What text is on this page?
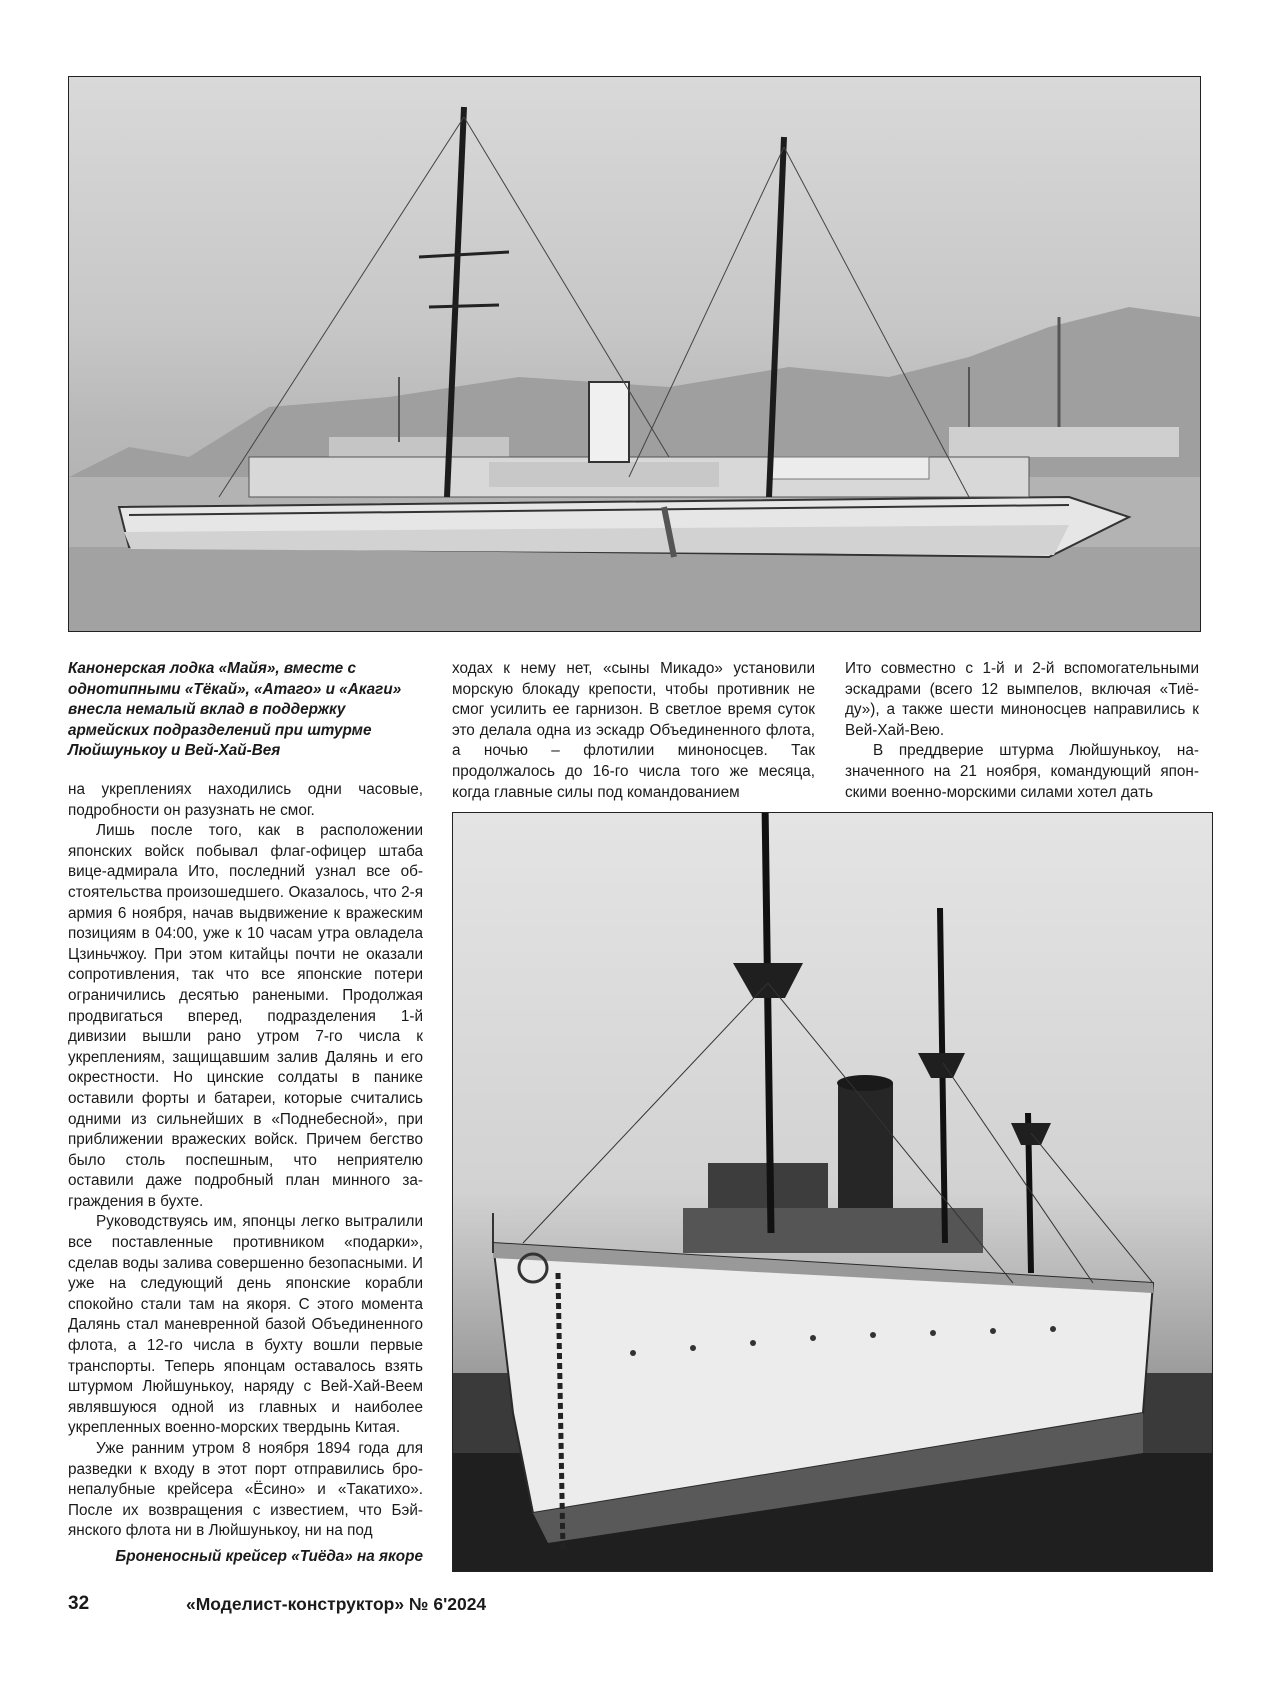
Канонерская лодка «Майя», вместе с однотипными «Тёкай», «Атаго» и «Акаги» внесла немалый вклад в поддержку армейских подразделений при штурме Люйшунькоу и Вей-Хай-Вея

на укреплениях находились одни часовые, подробности он разузнать не смог.

Лишь после того, как в расположении японских войск побывал флаг-офицер штаба вице-адмирала Ито, последний узнал все обстоятельства произошедшего. Оказалось, что 2-я армия 6 ноября, начав выдвижение к вражеским позициям в 04:00, уже к 10 часам утра овладела Цзиньчжоу. При этом китайцы почти не оказали сопротивления, так что все японские потери ограничились десятью ранеными. Продолжая продвигаться вперед, подразделения 1-й дивизии вышли рано утром 7-го числа к укреплениям, защищавшим залив Далянь и его окрестности. Но цинские солдаты в панике оставили форты и батареи, которые считались одними из сильнейших в «Поднебесной», при приближении вражеских войск. Причем бегство было столь поспешным, что неприятелю оставили даже подробный план минного заграждения в бухте.

Руководствуясь им, японцы легко вытралили все поставленные противником «подарки», сделав воды залива совершенно безопасными. И уже на следующий день японские корабли спокойно стали там на якоря. С этого момента Далянь стал маневренной базой Объединенного флота, а 12-го числа в бухту вошли первые транспорты. Теперь японцам оставалось взять штурмом Люйшунькоу, наряду с Вей-Хай-Веем являвшуюся одной из главных и наиболее укрепленных военно-морских твердынь Китая.

Уже ранним утром 8 ноября 1894 года для разведки к входу в этот порт отправились бронепалубные крейсера «Ёсино» и «Такатихо». После их возвращения с известием, что Бэйянского флота ни в Люйшунькоу, ни на под

ходах к нему нет, «сыны Микадо» установили морскую блокаду крепости, чтобы противник не смог усилить ее гарнизон. В светлое время суток это делала одна из эскадр Объединенного флота, а ночью – флотилии миноносцев. Так продолжалось до 16-го числа того же месяца, когда главные силы под командованием

Ито совместно с 1-й и 2-й вспомогательными эскадрами (всего 12 вымпелов, включая «Тиёду»), а также шести миноносцев направились к Вей-Хай-Вею.

В преддверие штурма Люйшунькоу, назначенного на 21 ноября, командующий японскими военно-морскими силами хотел дать

Броненосный крейсер «Тиёда» на якоре
32	«Моделист-конструктор» № 6'2024
